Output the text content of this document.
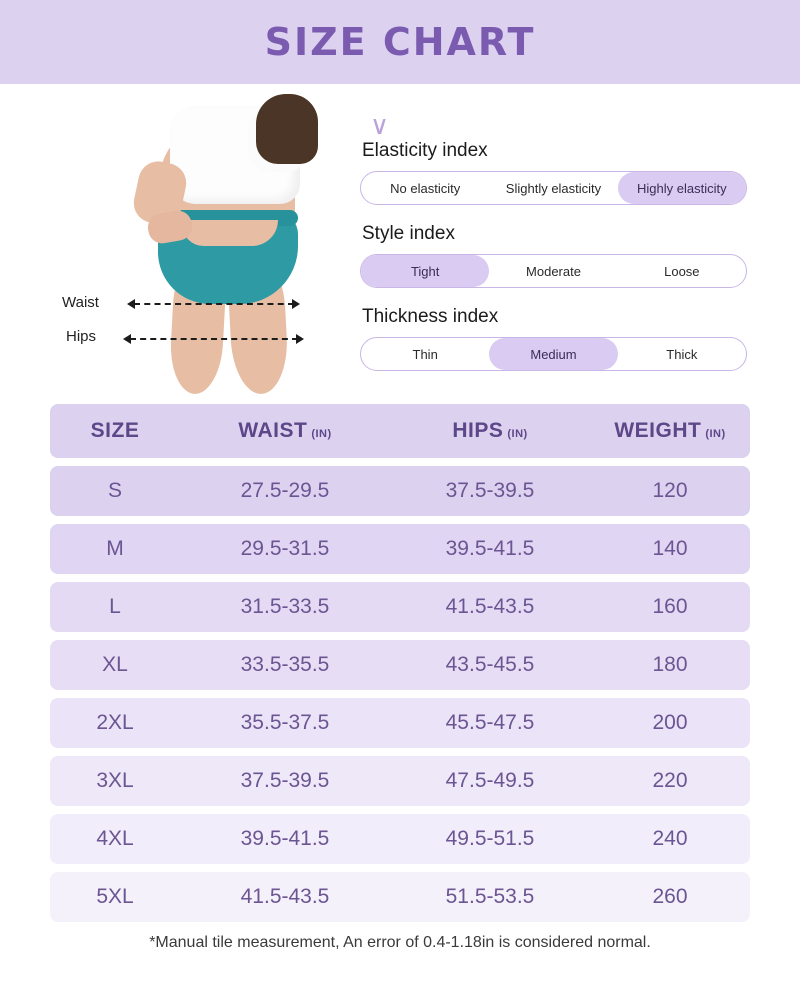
SIZE CHART
Waist
Hips
∨
Elasticity index
No elasticity	Slightly elasticity	Highly elasticity
Style index
Tight	Moderate	Loose
Thickness index
Thin	Medium	Thick
SIZE	WAIST (IN)	HIPS (IN)	WEIGHT (IN)
S	27.5-29.5	37.5-39.5	120
M	29.5-31.5	39.5-41.5	140
L	31.5-33.5	41.5-43.5	160
XL	33.5-35.5	43.5-45.5	180
2XL	35.5-37.5	45.5-47.5	200
3XL	37.5-39.5	47.5-49.5	220
4XL	39.5-41.5	49.5-51.5	240
5XL	41.5-43.5	51.5-53.5	260
*Manual tile measurement, An error of 0.4-1.18in is considered normal.
